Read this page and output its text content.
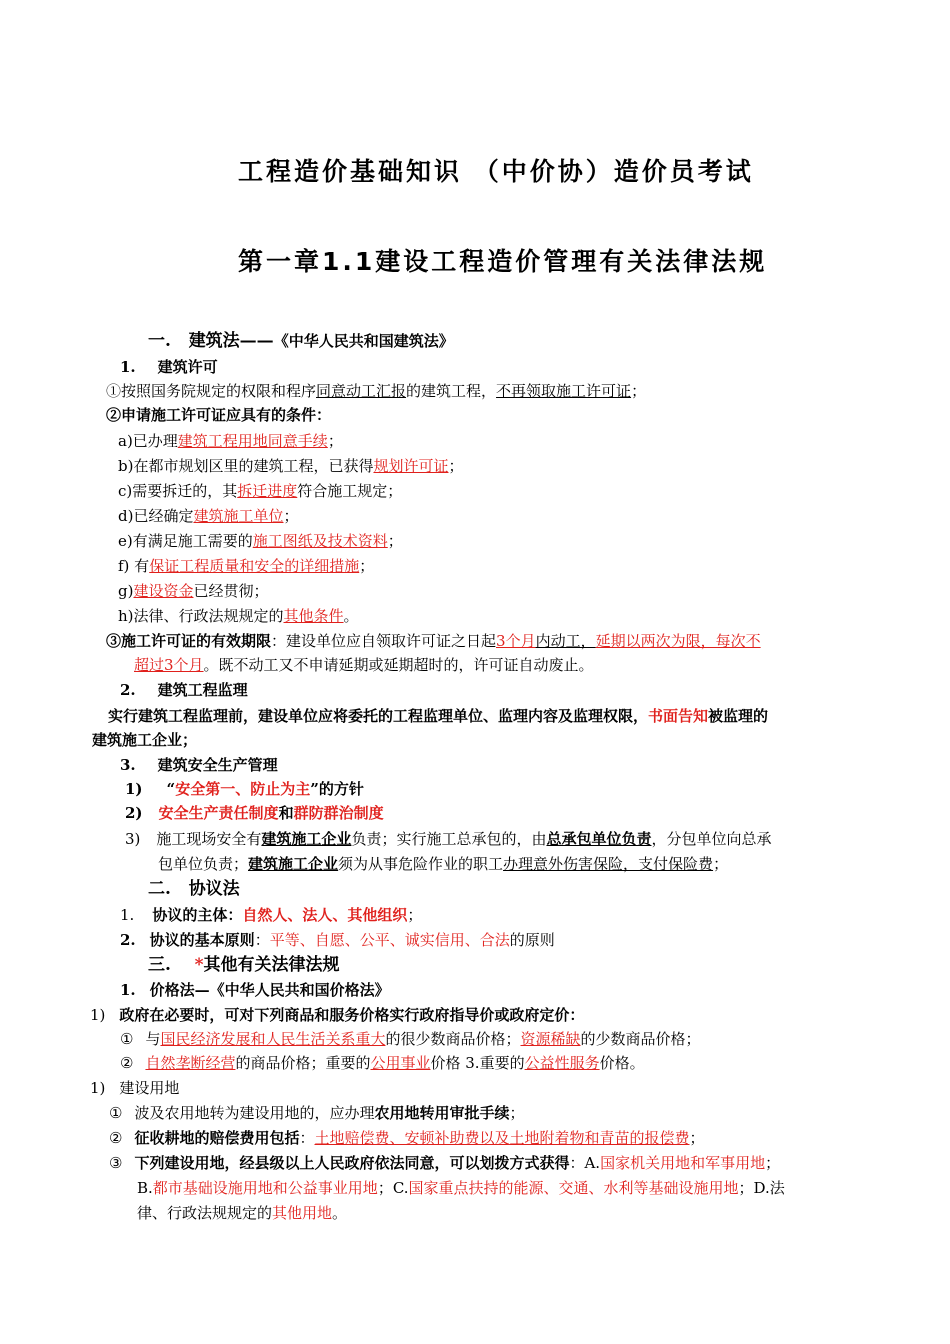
工程造价基础知识 （中价协）造价员考试
第一章1.1建设工程造价管理有关法律法规
一. 建筑法——《中华人民共和国建筑法》
1. 建筑许可
①按照国务院规定的权限和程序同意动工汇报的建筑工程，不再领取施工许可证；
②申请施工许可证应具有的条件：
a)已办理建筑工程用地同意手续；
b)在都市规划区里的建筑工程，已获得规划许可证；
c)需要拆迁的，其拆迁进度符合施工规定；
d)已经确定建筑施工单位；
e)有满足施工需要的施工图纸及技术资料；
f) 有保证工程质量和安全的详细措施；
g)建设资金已经贯彻；
h)法律、行政法规规定的其他条件。
③施工许可证的有效期限：建设单位应自领取许可证之日起3个月内动工，延期以两次为限，每次不
超过3个月。既不动工又不申请延期或延期超时的，许可证自动废止。
2. 建筑工程监理
实行建筑工程监理前，建设单位应将委托的工程监理单位、监理内容及监理权限，书面告知被监理的
建筑施工企业；
3. 建筑安全生产管理
1) “安全第一、防止为主”的方针
2) 安全生产责任制度和群防群治制度
3) 施工现场安全有建筑施工企业负责；实行施工总承包的，由总承包单位负责，分包单位向总承
包单位负责；建筑施工企业须为从事危险作业的职工办理意外伤害保险，支付保险费；
二. 协议法
1. 协议的主体：自然人、法人、其他组织；
2. 协议的基本原则：平等、自愿、公平、诚实信用、合法的原则
三. *其他有关法律法规
1. 价格法—《中华人民共和国价格法》
1) 政府在必要时，可对下列商品和服务价格实行政府指导价或政府定价：
① 与国民经济发展和人民生活关系重大的很少数商品价格；资源稀缺的少数商品价格；
② 自然垄断经营的商品价格；重要的公用事业价格 3.重要的公益性服务价格。
1) 建设用地
① 波及农用地转为建设用地的，应办理农用地转用审批手续；
② 征收耕地的赔偿费用包括：土地赔偿费、安顿补助费以及土地附着物和青苗的报偿费；
③ 下列建设用地，经县级以上人民政府依法同意，可以划拨方式获得：A.国家机关用地和军事用地；
B.都市基础设施用地和公益事业用地；C.国家重点扶持的能源、交通、水利等基础设施用地；D.法
律、行政法规规定的其他用地。
